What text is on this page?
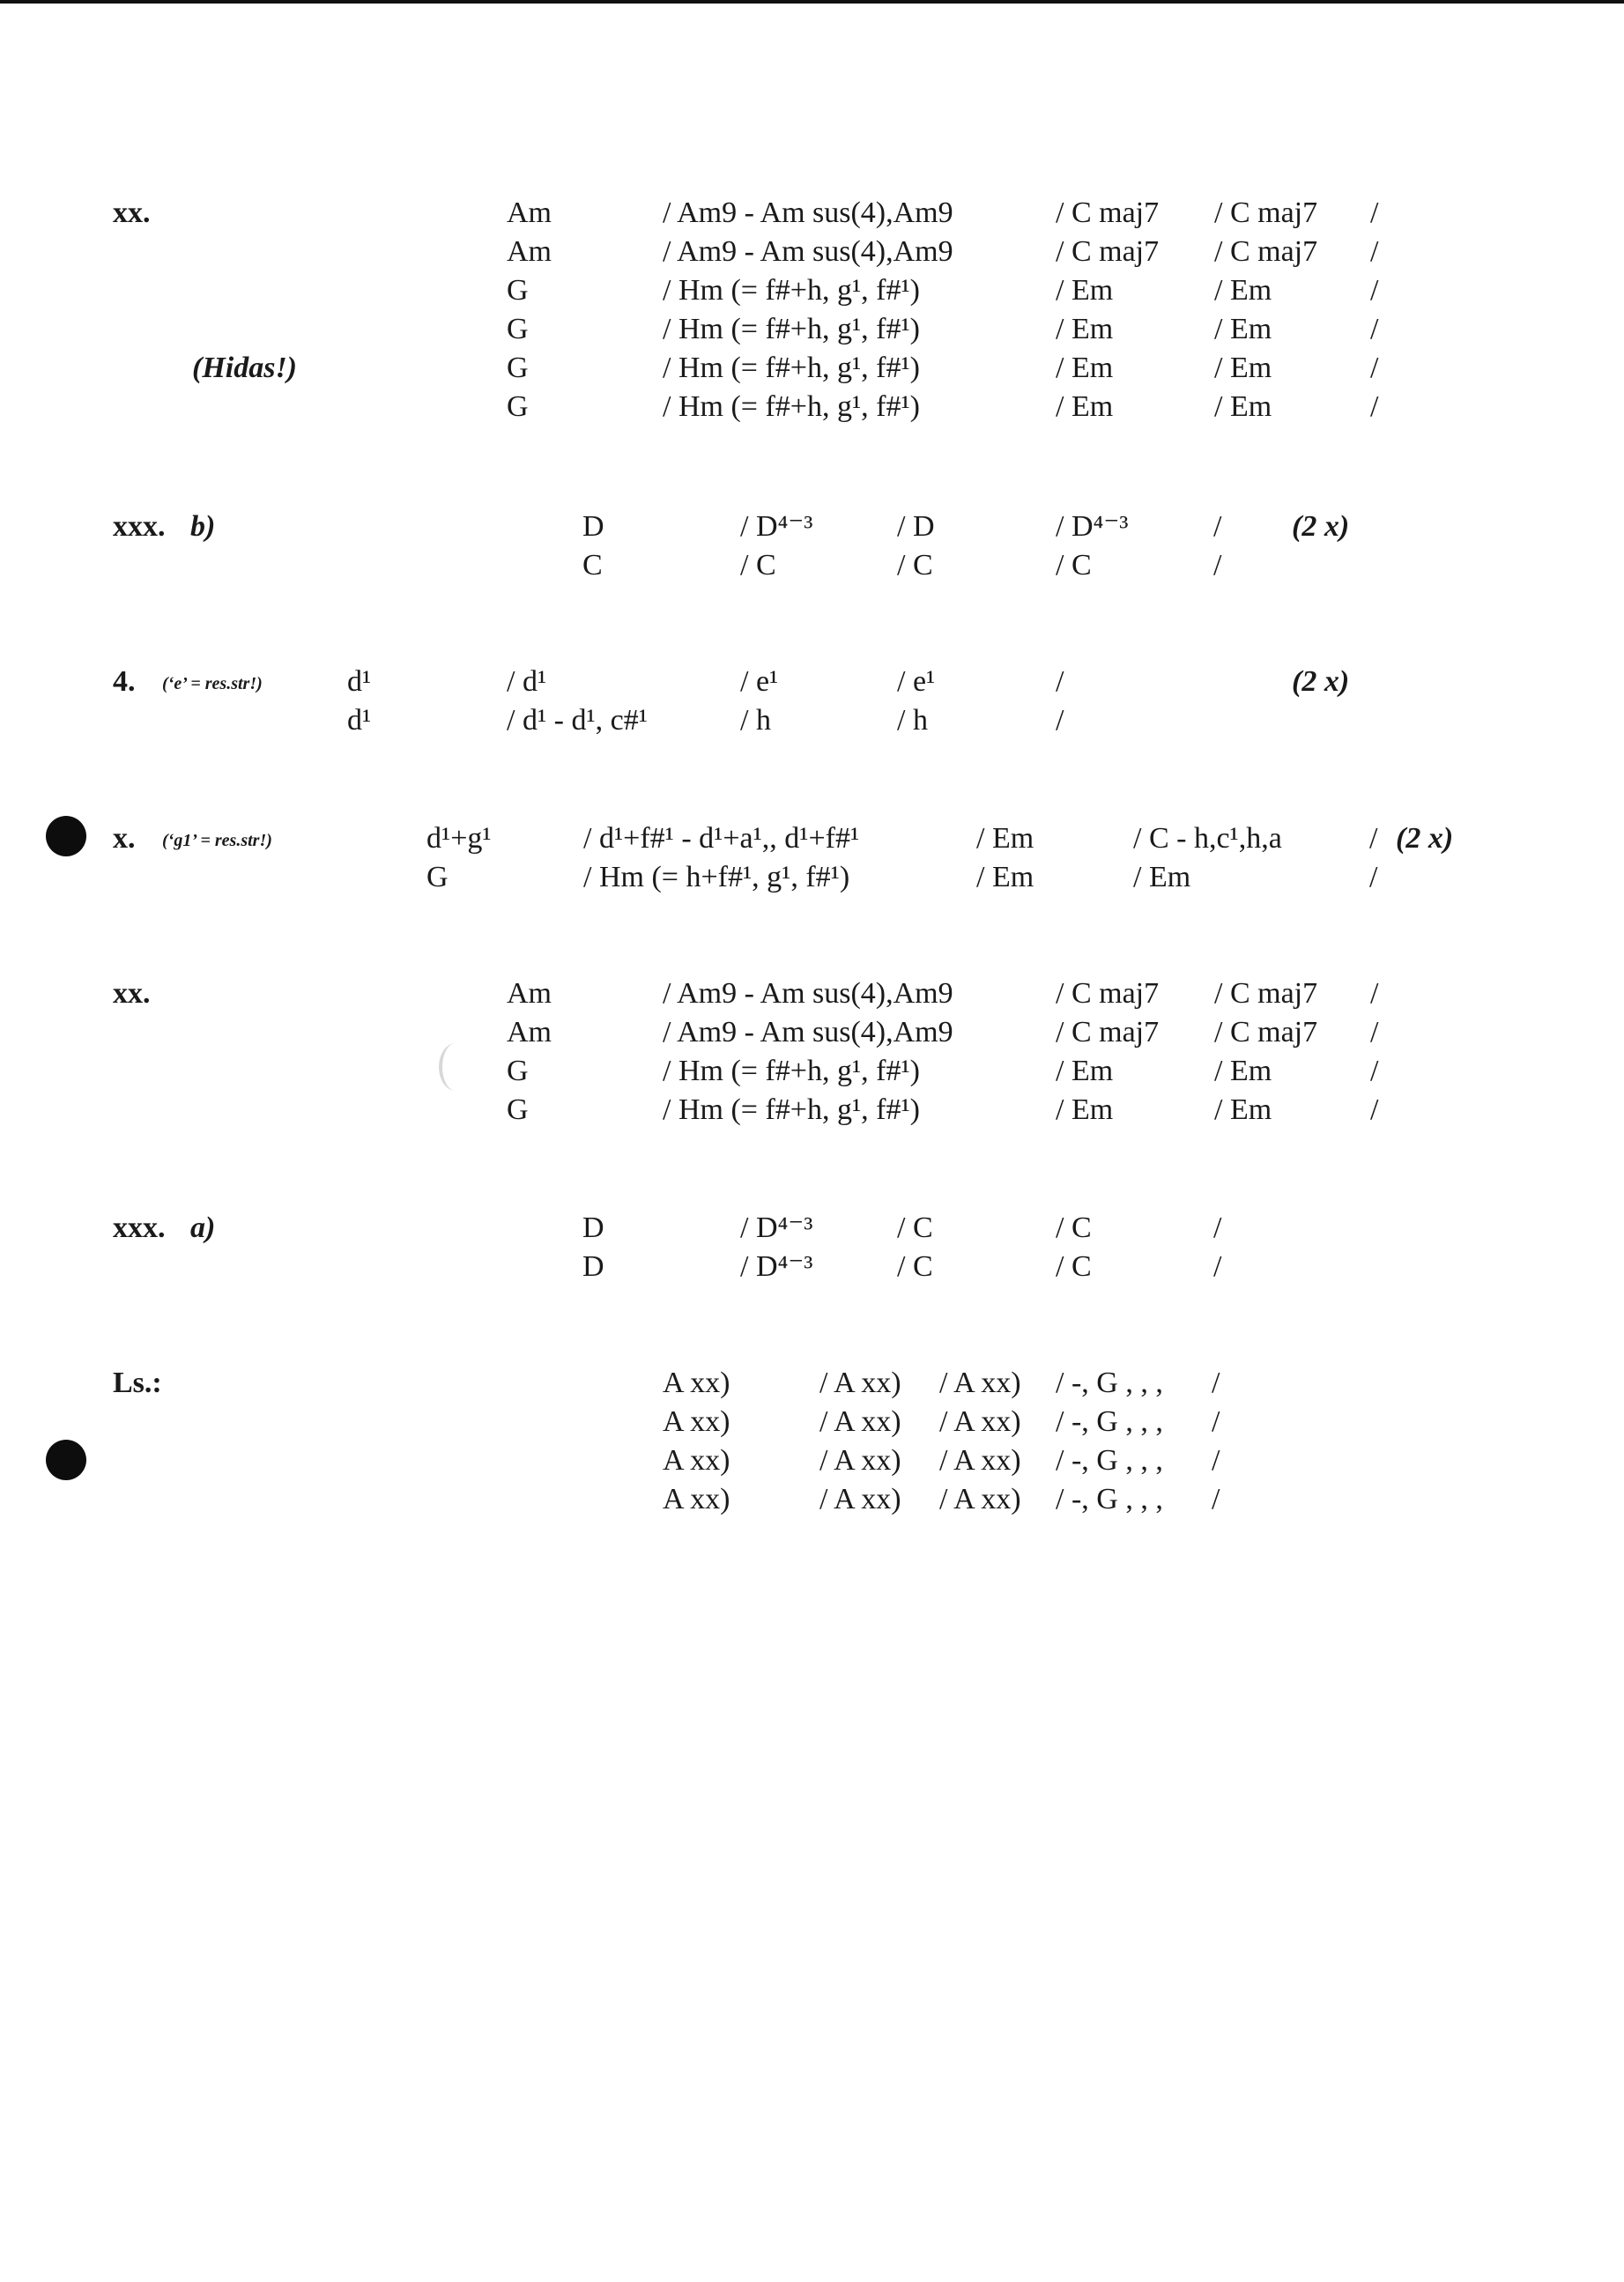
xx.
(Hidas!)
Am	/ Am9 - Am sus(4),Am9	/ C maj7 / C maj7 /
Am	/ Am9 - Am sus(4),Am9	/ C maj7 / C maj7 /
G	/ Hm (= f#+h, g¹, f#¹)	/ Em	/ Em	/
G	/ Hm (= f#+h, g¹, f#¹)	/ Em	/ Em	/
G	/ Hm (= f#+h, g¹, f#¹)	/ Em	/ Em	/
G	/ Hm (= f#+h, g¹, f#¹)	/ Em	/ Em	/
xxx. b)	(2 x)
D	/ D⁴⁻³	/ D	/ D⁴⁻³	/
C	/ C	/ C	/ C	/
4. (‘e’ = res.str!)	(2 x)
d¹	/ d¹	/ e¹	/ e¹	/
d¹	/ d¹ - d¹, c#¹	/ h	/ h	/
x. (‘g1’ = res.str!)	(2 x)
d¹+g¹	/ d¹+f#¹ - d¹+a¹,, d¹+f#¹	/ Em	/ C - h,c¹,h,a	/
G	/ Hm (= h+f#¹, g¹, f#¹)	/ Em	/ Em	/
xx.	Am	/ Am9 - Am sus(4),Am9	/ C maj7 / C maj7 /
Am	/ Am9 - Am sus(4),Am9	/ C maj7 / C maj7 /
G	/ Hm (= f#+h, g¹, f#¹)	/ Em	/ Em	/
G	/ Hm (= f#+h, g¹, f#¹)	/ Em	/ Em	/
xxx. a)	D	/ D⁴⁻³	/ C	/ C	/
D	/ D⁴⁻³	/ C	/ C	/
Ls.:	A xx)	/ A xx) / A xx) / -, G , , , /
A xx)	/ A xx) / A xx) / -, G , , , /
A xx)	/ A xx) / A xx) / -, G , , , /
A xx)	/ A xx) / A xx) / -, G , , , /
